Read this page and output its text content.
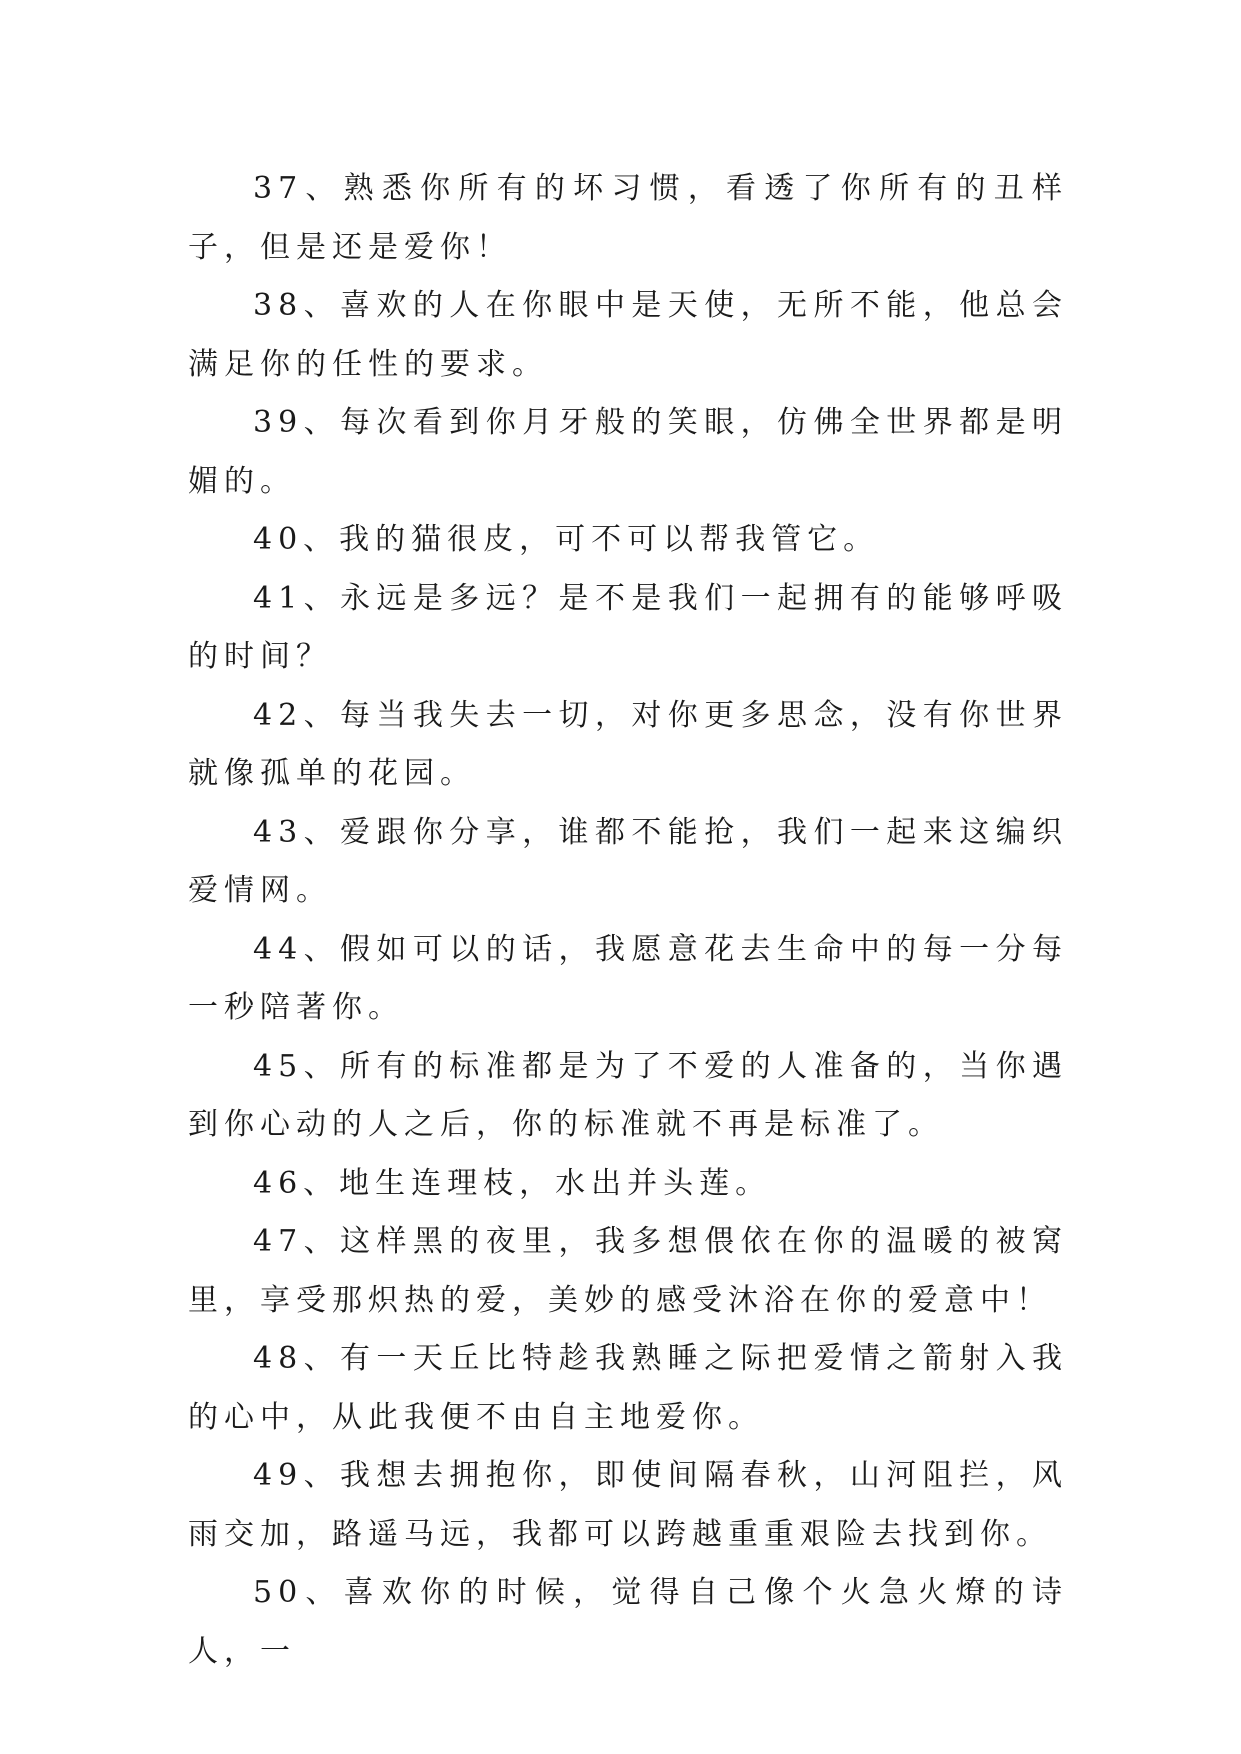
37、熟悉你所有的坏习惯，看透了你所有的丑样子，但是还是爱你！

38、喜欢的人在你眼中是天使，无所不能，他总会满足你的任性的要求。

39、每次看到你月牙般的笑眼，仿佛全世界都是明媚的。

40、我的猫很皮，可不可以帮我管它。

41、永远是多远？是不是我们一起拥有的能够呼吸的时间？

42、每当我失去一切，对你更多思念，没有你世界就像孤单的花园。

43、爱跟你分享，谁都不能抢，我们一起来这编织爱情网。

44、假如可以的话，我愿意花去生命中的每一分每一秒陪著你。

45、所有的标准都是为了不爱的人准备的，当你遇到你心动的人之后，你的标准就不再是标准了。

46、地生连理枝，水出并头莲。

47、这样黑的夜里，我多想偎依在你的温暖的被窝里，享受那炽热的爱，美妙的感受沐浴在你的爱意中！

48、有一天丘比特趁我熟睡之际把爱情之箭射入我的心中，从此我便不由自主地爱你。

49、我想去拥抱你，即使间隔春秋，山河阻拦，风雨交加，路遥马远，我都可以跨越重重艰险去找到你。

50、喜欢你的时候，觉得自己像个火急火燎的诗人，一
